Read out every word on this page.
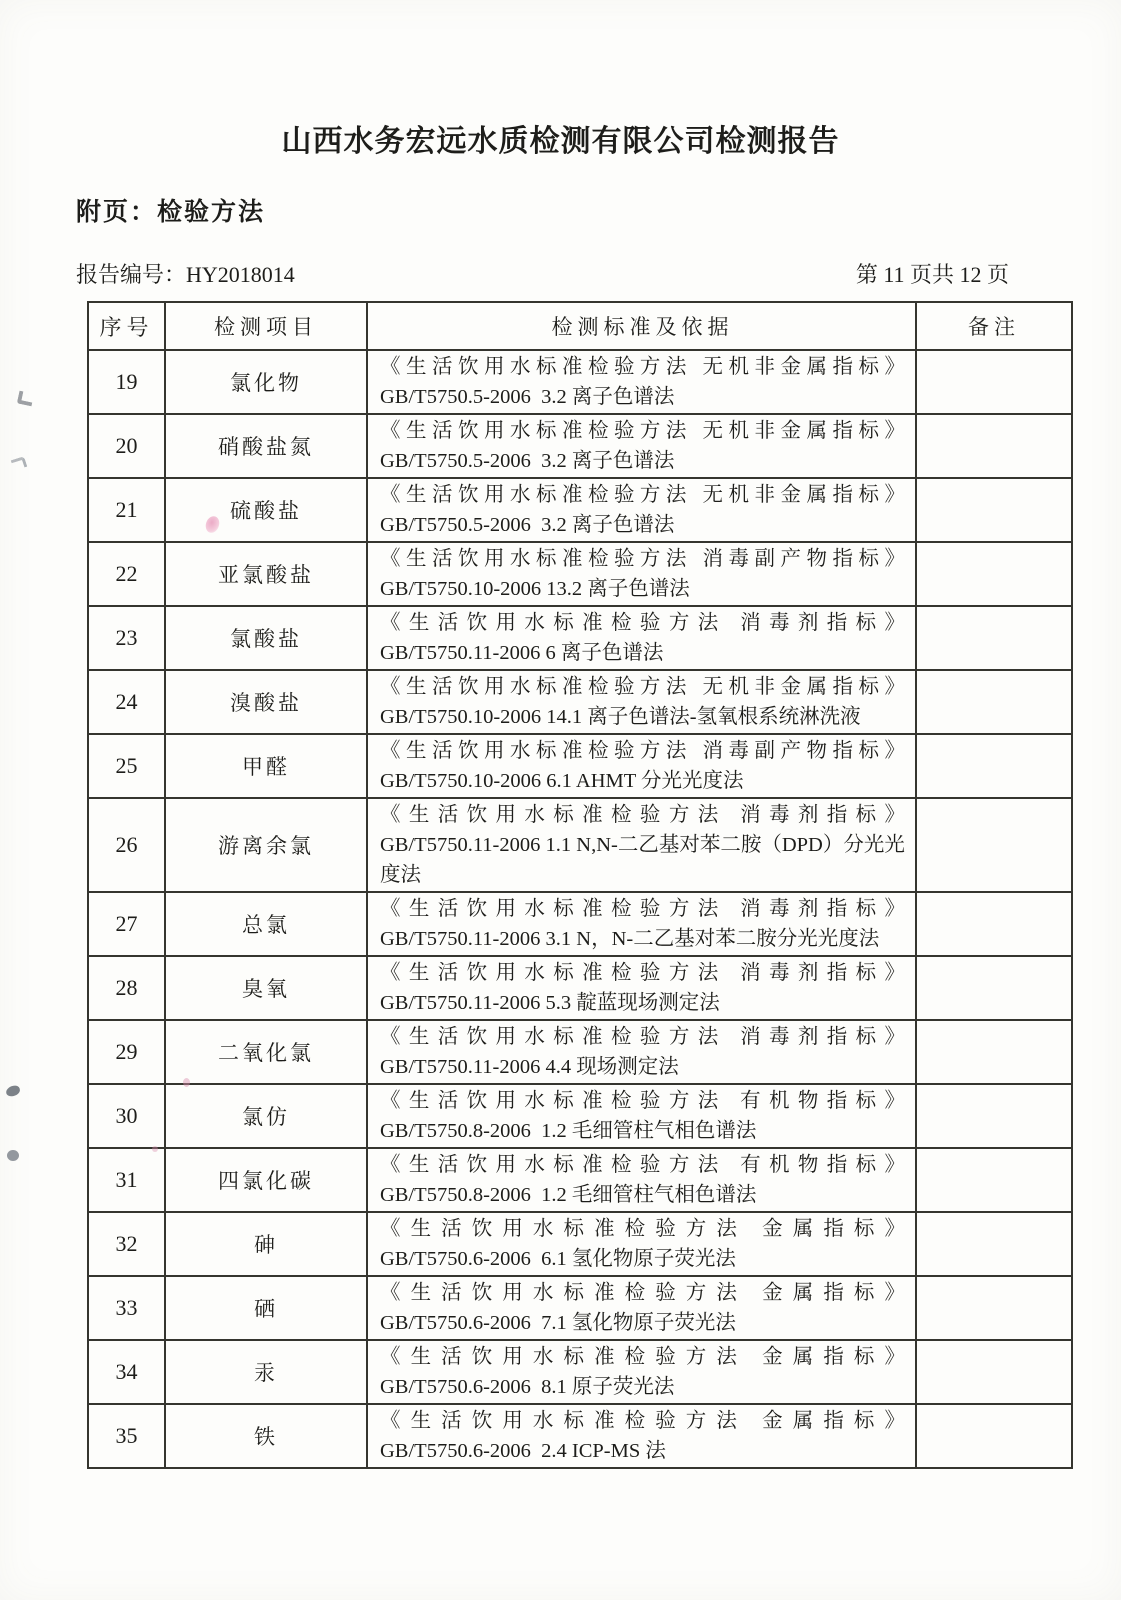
山西水务宏远水质检测有限公司检测报告
附页：检验方法
报告编号：HY2018014	第 11 页共 12 页
序号	检测项目	检测标准及依据	备注
19	氯化物	《生活饮用水标准检验方法 无机非金属指标》
GB/T5750.5-2006  3.2 离子色谱法	

20	硝酸盐氮	《生活饮用水标准检验方法 无机非金属指标》
GB/T5750.5-2006  3.2 离子色谱法	

21	硫酸盐	《生活饮用水标准检验方法 无机非金属指标》
GB/T5750.5-2006  3.2 离子色谱法	

22	亚氯酸盐	《生活饮用水标准检验方法 消毒副产物指标》
GB/T5750.10-2006 13.2 离子色谱法	

23	氯酸盐	《生活饮用水标准检验方法 消毒剂指标》
GB/T5750.11-2006 6 离子色谱法	

24	溴酸盐	《生活饮用水标准检验方法 无机非金属指标》
GB/T5750.10-2006 14.1 离子色谱法-氢氧根系统淋洗液	

25	甲醛	《生活饮用水标准检验方法 消毒副产物指标》
GB/T5750.10-2006 6.1 AHMT 分光光度法	

26	游离余氯	《生活饮用水标准检验方法 消毒剂指标》
GB/T5750.11-2006 1.1 N,N-二乙基对苯二胺（DPD）分光光度法	

27	总氯	《生活饮用水标准检验方法 消毒剂指标》
GB/T5750.11-2006 3.1 N，N-二乙基对苯二胺分光光度法	

28	臭氧	《生活饮用水标准检验方法 消毒剂指标》
GB/T5750.11-2006 5.3 靛蓝现场测定法	

29	二氧化氯	《生活饮用水标准检验方法 消毒剂指标》
GB/T5750.11-2006 4.4 现场测定法	

30	氯仿	《生活饮用水标准检验方法 有机物指标》
GB/T5750.8-2006  1.2 毛细管柱气相色谱法	

31	四氯化碳	《生活饮用水标准检验方法 有机物指标》
GB/T5750.8-2006  1.2 毛细管柱气相色谱法	

32	砷	《生活饮用水标准检验方法 金属指标》
GB/T5750.6-2006  6.1 氢化物原子荧光法	

33	硒	《生活饮用水标准检验方法 金属指标》
GB/T5750.6-2006  7.1 氢化物原子荧光法	

34	汞	《生活饮用水标准检验方法 金属指标》
GB/T5750.6-2006  8.1 原子荧光法	

35	铁	《生活饮用水标准检验方法 金属指标》
GB/T5750.6-2006  2.4 ICP-MS 法	
